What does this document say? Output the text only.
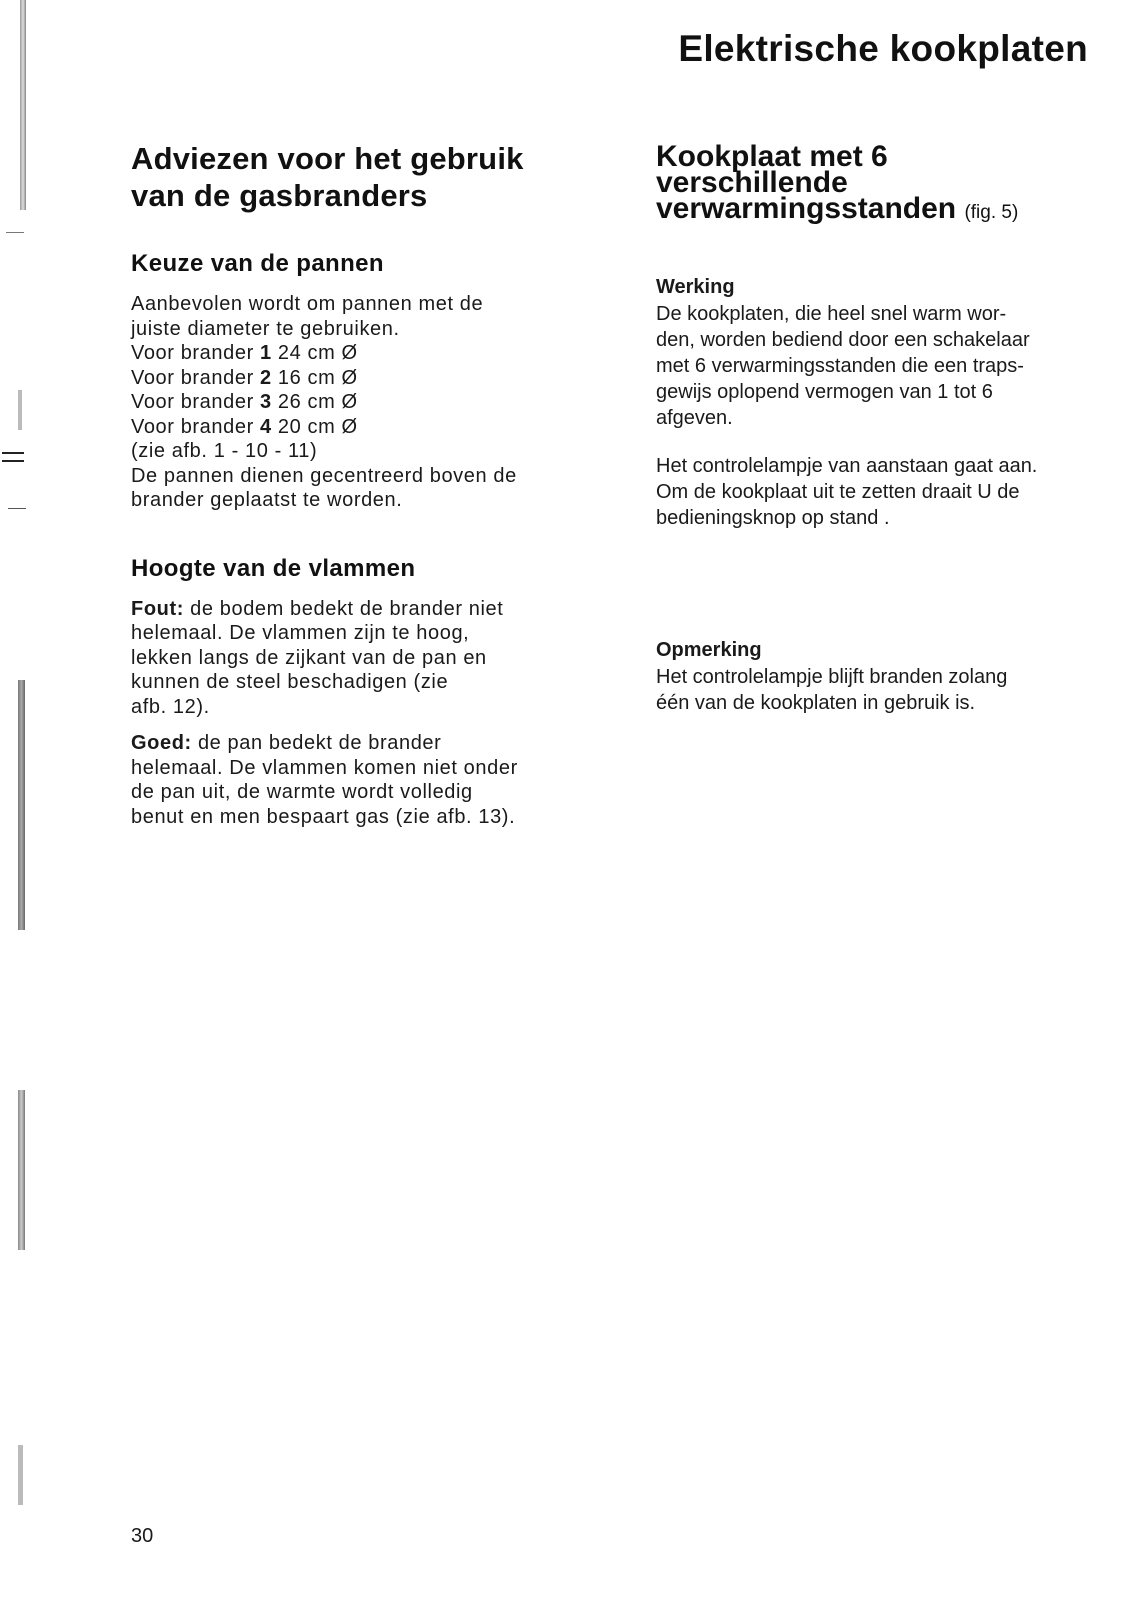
Elektrische kookplaten
Adviezen voor het gebruik
van de gasbranders
Keuze van de pannen
Aanbevolen wordt om pannen met de
juiste diameter te gebruiken.
Voor brander 1 24 cm Ø
Voor brander 2 16 cm Ø
Voor brander 3 26 cm Ø
Voor brander 4 20 cm Ø
(zie afb. 1 - 10 - 11)
De pannen dienen gecentreerd boven de
brander geplaatst te worden.
Hoogte van de vlammen
Fout: de bodem bedekt de brander niet
helemaal. De vlammen zijn te hoog,
lekken langs de zijkant van de pan en
kunnen de steel beschadigen (zie
afb. 12).
Goed: de pan bedekt de brander
helemaal. De vlammen komen niet onder
de pan uit, de warmte wordt volledig
benut en men bespaart gas (zie afb. 13).
Kookplaat met 6
verschillende
verwarmingsstanden (fig. 5)
Werking
De kookplaten, die heel snel warm wor-
den, worden bediend door een schakelaar
met 6 verwarmingsstanden die een traps-
gewijs oplopend vermogen van 1 tot 6
afgeven.
Het controlelampje van aanstaan gaat aan.
Om de kookplaat uit te zetten draait U de
bedieningsknop op stand .
Opmerking
Het controlelampje blijft branden zolang
één van de kookplaten in gebruik is.
30
